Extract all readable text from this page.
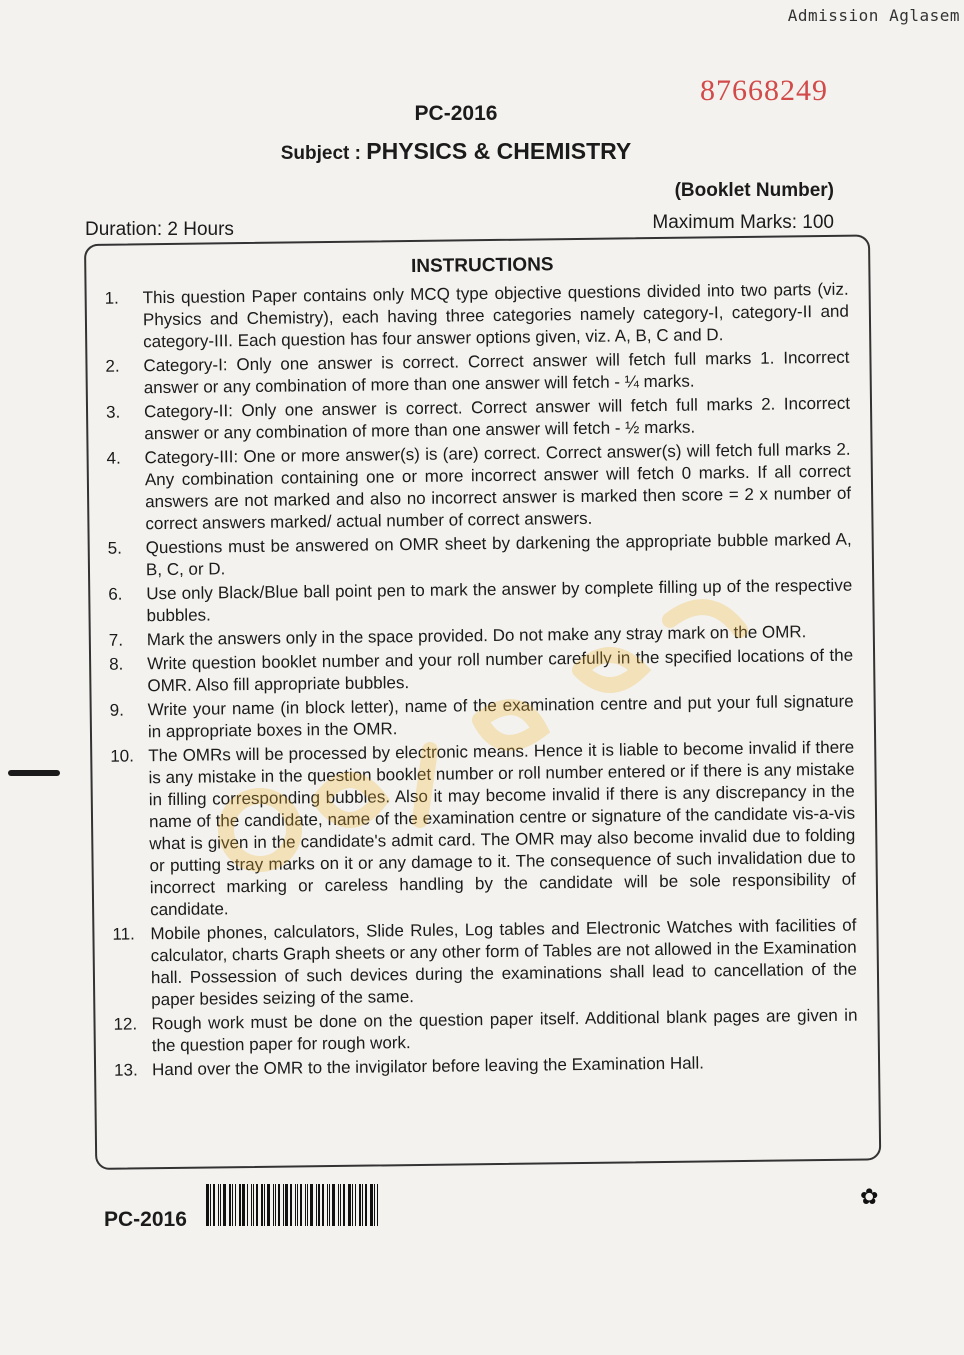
Admission Aglasem
87668249
PC-2016
Subject : PHYSICS & CHEMISTRY
(Booklet Number)
Maximum Marks: 100
Duration: 2 Hours
INSTRUCTIONS
1.	This question Paper contains only MCQ type objective questions divided into two parts (viz. Physics and Chemistry), each having three categories namely category-I, category-II and category-III. Each question has four answer options given, viz. A, B, C and D.
2.	Category-I: Only one answer is correct. Correct answer will fetch full marks 1. Incorrect answer or any combination of more than one answer will fetch - ¼ marks.
3.	Category-II: Only one answer is correct. Correct answer will fetch full marks 2. Incorrect answer or any combination of more than one answer will fetch - ½ marks.
4.	Category-III: One or more answer(s) is (are) correct. Correct answer(s) will fetch full marks 2. Any combination containing one or more incorrect answer will fetch 0 marks. If all correct answers are not marked and also no incorrect answer is marked then score = 2 x number of correct answers marked/ actual number of correct answers.
5.	Questions must be answered on OMR sheet by darkening the appropriate bubble marked A, B, C, or D.
6.	Use only Black/Blue ball point pen to mark the answer by complete filling up of the respective bubbles.
7.	Mark the answers only in the space provided. Do not make any stray mark on the OMR.
8.	Write question booklet number and your roll number carefully in the specified locations of the OMR. Also fill appropriate bubbles.
9.	Write your name (in block letter), name of the examination centre and put your full signature in appropriate boxes in the OMR.
10. The OMRs will be processed by electronic means. Hence it is liable to become invalid if there is any mistake in the question booklet number or roll number entered or if there is any mistake in filling corresponding bubbles. Also it may become invalid if there is any discrepancy in the name of the candidate, name of the examination centre or signature of the candidate vis-a-vis what is given in the candidate's admit card. The OMR may also become invalid due to folding or putting stray marks on it or any damage to it. The consequence of such invalidation due to incorrect marking or careless handling by the candidate will be sole responsibility of candidate.
11. Mobile phones, calculators, Slide Rules, Log tables and Electronic Watches with facilities of calculator, charts Graph sheets or any other form of Tables are not allowed in the Examination hall. Possession of such devices during the examinations shall lead to cancellation of the paper besides seizing of the same.
12. Rough work must be done on the question paper itself. Additional blank pages are given in the question paper for rough work.
13. Hand over the OMR to the invigilator before leaving the Examination Hall.
PC-2016
✿
